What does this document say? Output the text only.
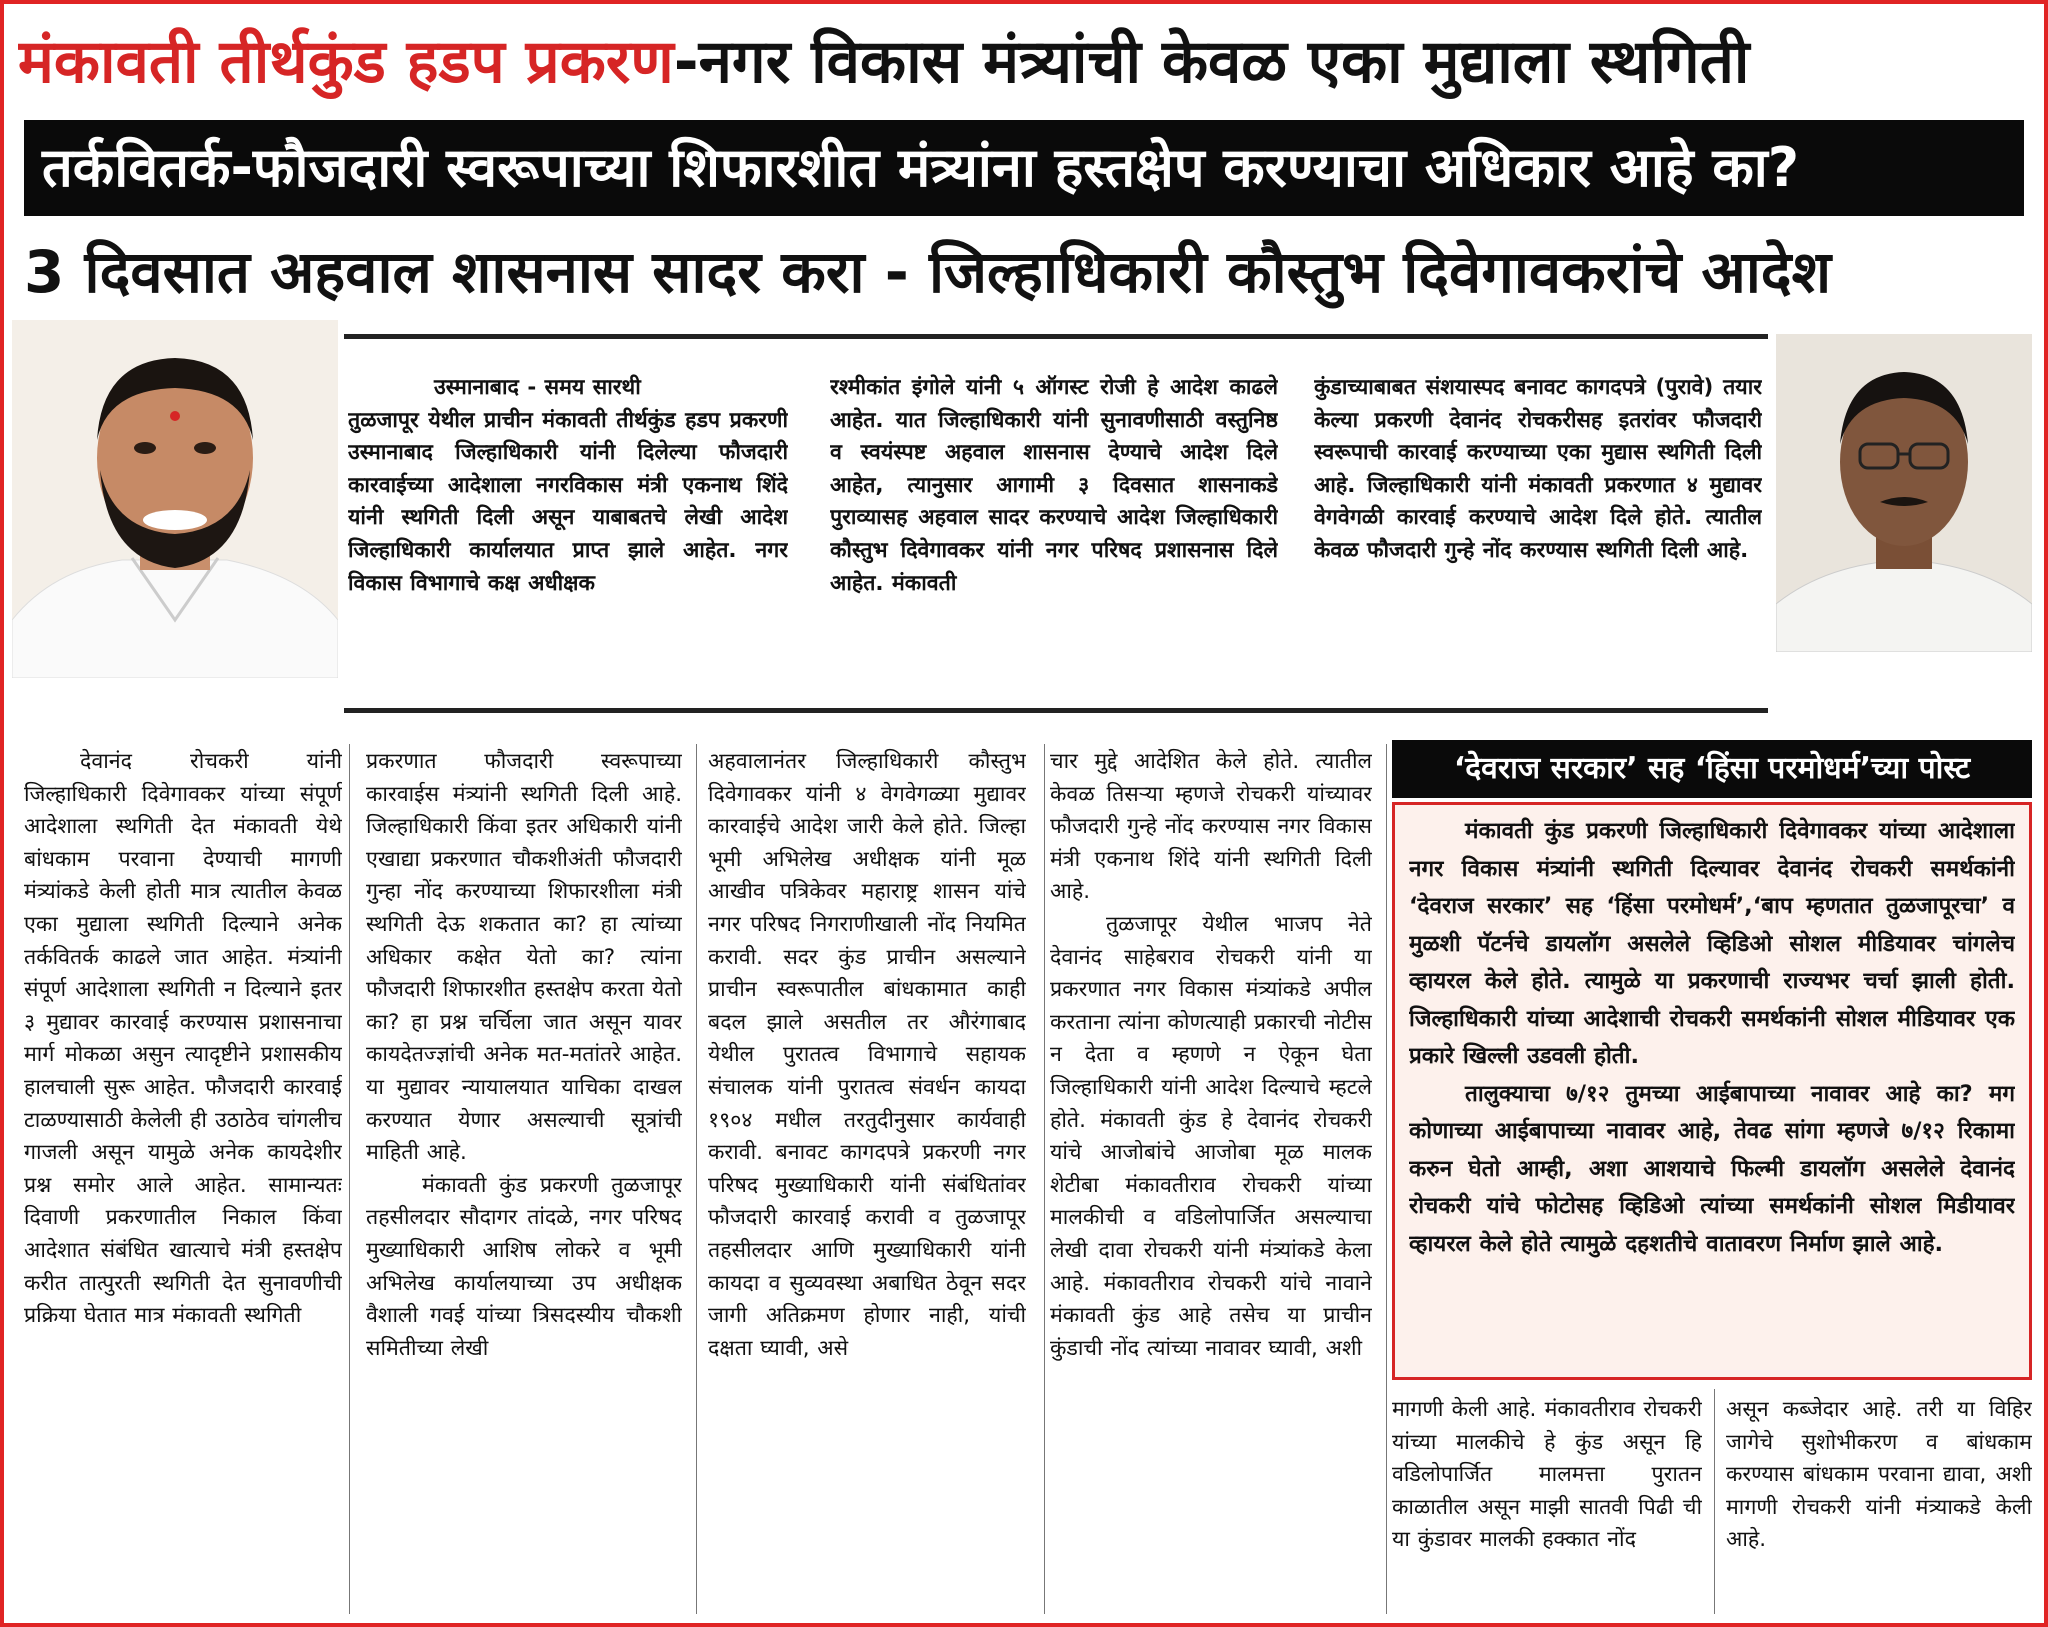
मंकावती तीर्थकुंड हडप प्रकरण-नगर विकास मंत्र्यांची केवळ एका मुद्याला स्थगिती
तर्कवितर्क-फौजदारी स्वरूपाच्या शिफारशीत मंत्र्यांना हस्तक्षेप करण्याचा अधिकार आहे का?
3 दिवसात अहवाल शासनास सादर करा - जिल्हाधिकारी कौस्तुभ दिवेगावकरांचे आदेश

उस्मानाबाद - समय सारथी

तुळजापूर येथील प्राचीन मंकावती तीर्थकुंड हडप प्रकरणी उस्मानाबाद जिल्हाधिकारी यांनी दिलेल्या फौजदारी कारवाईच्या आदेशाला नगरविकास मंत्री एकनाथ शिंदे यांनी स्थगिती दिली असून याबाबतचे लेखी आदेश जिल्हाधिकारी कार्यालयात प्राप्त झाले आहेत. नगर विकास विभागाचे कक्ष अधीक्षक

रश्मीकांत इंगोले यांनी ५ ऑगस्ट रोजी हे आदेश काढले आहेत. यात जिल्हाधिकारी यांनी सुनावणीसाठी वस्तुनिष्ठ व स्वयंस्पष्ट अहवाल शासनास देण्याचे आदेश दिले आहेत, त्यानुसार आगामी ३ दिवसात शासनाकडे पुराव्यासह अहवाल सादर करण्याचे आदेश जिल्हाधिकारी कौस्तुभ दिवेगावकर यांनी नगर परिषद प्रशासनास दिले आहेत. मंकावती

कुंडाच्याबाबत संशयास्पद बनावट कागदपत्रे (पुरावे) तयार केल्या प्रकरणी देवानंद रोचकरीसह इतरांवर फौजदारी स्वरूपाची कारवाई करण्याच्या एका मुद्यास स्थगिती दिली आहे. जिल्हाधिकारी यांनी मंकावती प्रकरणात ४ मुद्यावर वेगवेगळी कारवाई करण्याचे आदेश दिले होते. त्यातील केवळ फौजदारी गुन्हे नोंद करण्यास स्थगिती दिली आहे.

देवानंद रोचकरी यांनी जिल्हाधिकारी दिवेगावकर यांच्या संपूर्ण आदेशाला स्थगिती देत मंकावती येथे बांधकाम परवाना देण्याची मागणी मंत्र्यांकडे केली होती मात्र त्यातील केवळ एका मुद्याला स्थगिती दिल्याने अनेक तर्कवितर्क काढले जात आहेत. मंत्र्यांनी संपूर्ण आदेशाला स्थगिती न दिल्याने इतर ३ मुद्यावर कारवाई करण्यास प्रशासनाचा मार्ग मोकळा असुन त्यादृष्टीने प्रशासकीय हालचाली सुरू आहेत. फौजदारी कारवाई टाळण्यासाठी केलेली ही उठाठेव चांगलीच गाजली असून यामुळे अनेक कायदेशीर प्रश्न समोर आले आहेत. सामान्यतः दिवाणी प्रकरणातील निकाल किंवा आदेशात संबंधित खात्याचे मंत्री हस्तक्षेप करीत तात्पुरती स्थगिती देत सुनावणीची प्रक्रिया घेतात मात्र मंकावती स्थगिती

प्रकरणात फौजदारी स्वरूपाच्या कारवाईस मंत्र्यांनी स्थगिती दिली आहे. जिल्हाधिकारी किंवा इतर अधिकारी यांनी एखाद्या प्रकरणात चौकशीअंती फौजदारी गुन्हा नोंद करण्याच्या शिफारशीला मंत्री स्थगिती देऊ शकतात का? हा त्यांच्या अधिकार कक्षेत येतो का? त्यांना फौजदारी शिफारशीत हस्तक्षेप करता येतो का? हा प्रश्न चर्चिला जात असून यावर कायदेतज्ज्ञांची अनेक मत-मतांतरे आहेत. या मुद्यावर न्यायालयात याचिका दाखल करण्यात येणार असल्याची सूत्रांची माहिती आहे.

मंकावती कुंड प्रकरणी तुळजापूर तहसीलदार सौदागर तांदळे, नगर परिषद मुख्याधिकारी आशिष लोकरे व भूमी अभिलेख कार्यालयाच्या उप अधीक्षक वैशाली गवई यांच्या त्रिसदस्यीय चौकशी समितीच्या लेखी

अहवालानंतर जिल्हाधिकारी कौस्तुभ दिवेगावकर यांनी ४ वेगवेगळ्या मुद्यावर कारवाईचे आदेश जारी केले होते. जिल्हा भूमी अभिलेख अधीक्षक यांनी मूळ आखीव पत्रिकेवर महाराष्ट्र शासन यांचे नगर परिषद निगराणीखाली नोंद नियमित करावी. सदर कुंड प्राचीन असल्याने प्राचीन स्वरूपातील बांधकामात काही बदल झाले असतील तर औरंगाबाद येथील पुरातत्व विभागाचे सहायक संचालक यांनी पुरातत्व संवर्धन कायदा १९०४ मधील तरतुदीनुसार कार्यवाही करावी. बनावट कागदपत्रे प्रकरणी नगर परिषद मुख्याधिकारी यांनी संबंधितांवर फौजदारी कारवाई करावी व तुळजापूर तहसीलदार आणि मुख्याधिकारी यांनी कायदा व सुव्यवस्था अबाधित ठेवून सदर जागी अतिक्रमण होणार नाही, यांची दक्षता घ्यावी, असे

चार मुद्दे आदेशित केले होते. त्यातील केवळ तिसऱ्या म्हणजे रोचकरी यांच्यावर फौजदारी गुन्हे नोंद करण्यास नगर विकास मंत्री एकनाथ शिंदे यांनी स्थगिती दिली आहे.

तुळजापूर येथील भाजप नेते देवानंद साहेबराव रोचकरी यांनी या प्रकरणात नगर विकास मंत्र्यांकडे अपील करताना त्यांना कोणत्याही प्रकारची नोटीस न देता व म्हणणे न ऐकून घेता जिल्हाधिकारी यांनी आदेश दिल्याचे म्हटले होते. मंकावती कुंड हे देवानंद रोचकरी यांचे आजोबांचे आजोबा मूळ मालक शेटीबा मंकावतीराव रोचकरी यांच्या मालकीची व वडिलोपार्जित असल्याचा लेखी दावा रोचकरी यांनी मंत्र्यांकडे केला आहे. मंकावतीराव रोचकरी यांचे नावाने मंकावती कुंड आहे तसेच या प्राचीन कुंडाची नोंद त्यांच्या नावावर घ्यावी, अशी

‘देवराज सरकार’ सह ‘हिंसा परमोधर्म’च्या पोस्ट

मंकावती कुंड प्रकरणी जिल्हाधिकारी दिवेगावकर यांच्या आदेशाला नगर विकास मंत्र्यांनी स्थगिती दिल्यावर देवानंद रोचकरी समर्थकांनी ‘देवराज सरकार’ सह ‘हिंसा परमोधर्म’,‘बाप म्हणतात तुळजापूरचा’ व मुळशी पॅटर्नचे डायलॉग असलेले व्हिडिओ सोशल मीडियावर चांगलेच व्हायरल केले होते. त्यामुळे या प्रकरणाची राज्यभर चर्चा झाली होती. जिल्हाधिकारी यांच्या आदेशाची रोचकरी समर्थकांनी सोशल मीडियावर एक प्रकारे खिल्ली उडवली होती.

तालुक्याचा ७/१२ तुमच्या आईबापाच्या नावावर आहे का? मग कोणाच्या आईबापाच्या नावावर आहे, तेवढ सांगा म्हणजे ७/१२ रिकामा करुन घेतो आम्ही, अशा आशयाचे फिल्मी डायलॉग असलेले देवानंद रोचकरी यांचे फोटोसह व्हिडिओ त्यांच्या समर्थकांनी सोशल मिडीयावर व्हायरल केले होते त्यामुळे दहशतीचे वातावरण निर्माण झाले आहे.

मागणी केली आहे. मंकावतीराव रोचकरी यांच्या मालकीचे हे कुंड असून हि वडिलोपार्जित मालमत्ता पुरातन काळातील असून माझी सातवी पिढी ची या कुंडावर मालकी हक्कात नोंद

असून कब्जेदार आहे. तरी या विहिर जागेचे सुशोभीकरण व बांधकाम करण्यास बांधकाम परवाना द्यावा, अशी मागणी रोचकरी यांनी मंत्र्याकडे केली आहे.
